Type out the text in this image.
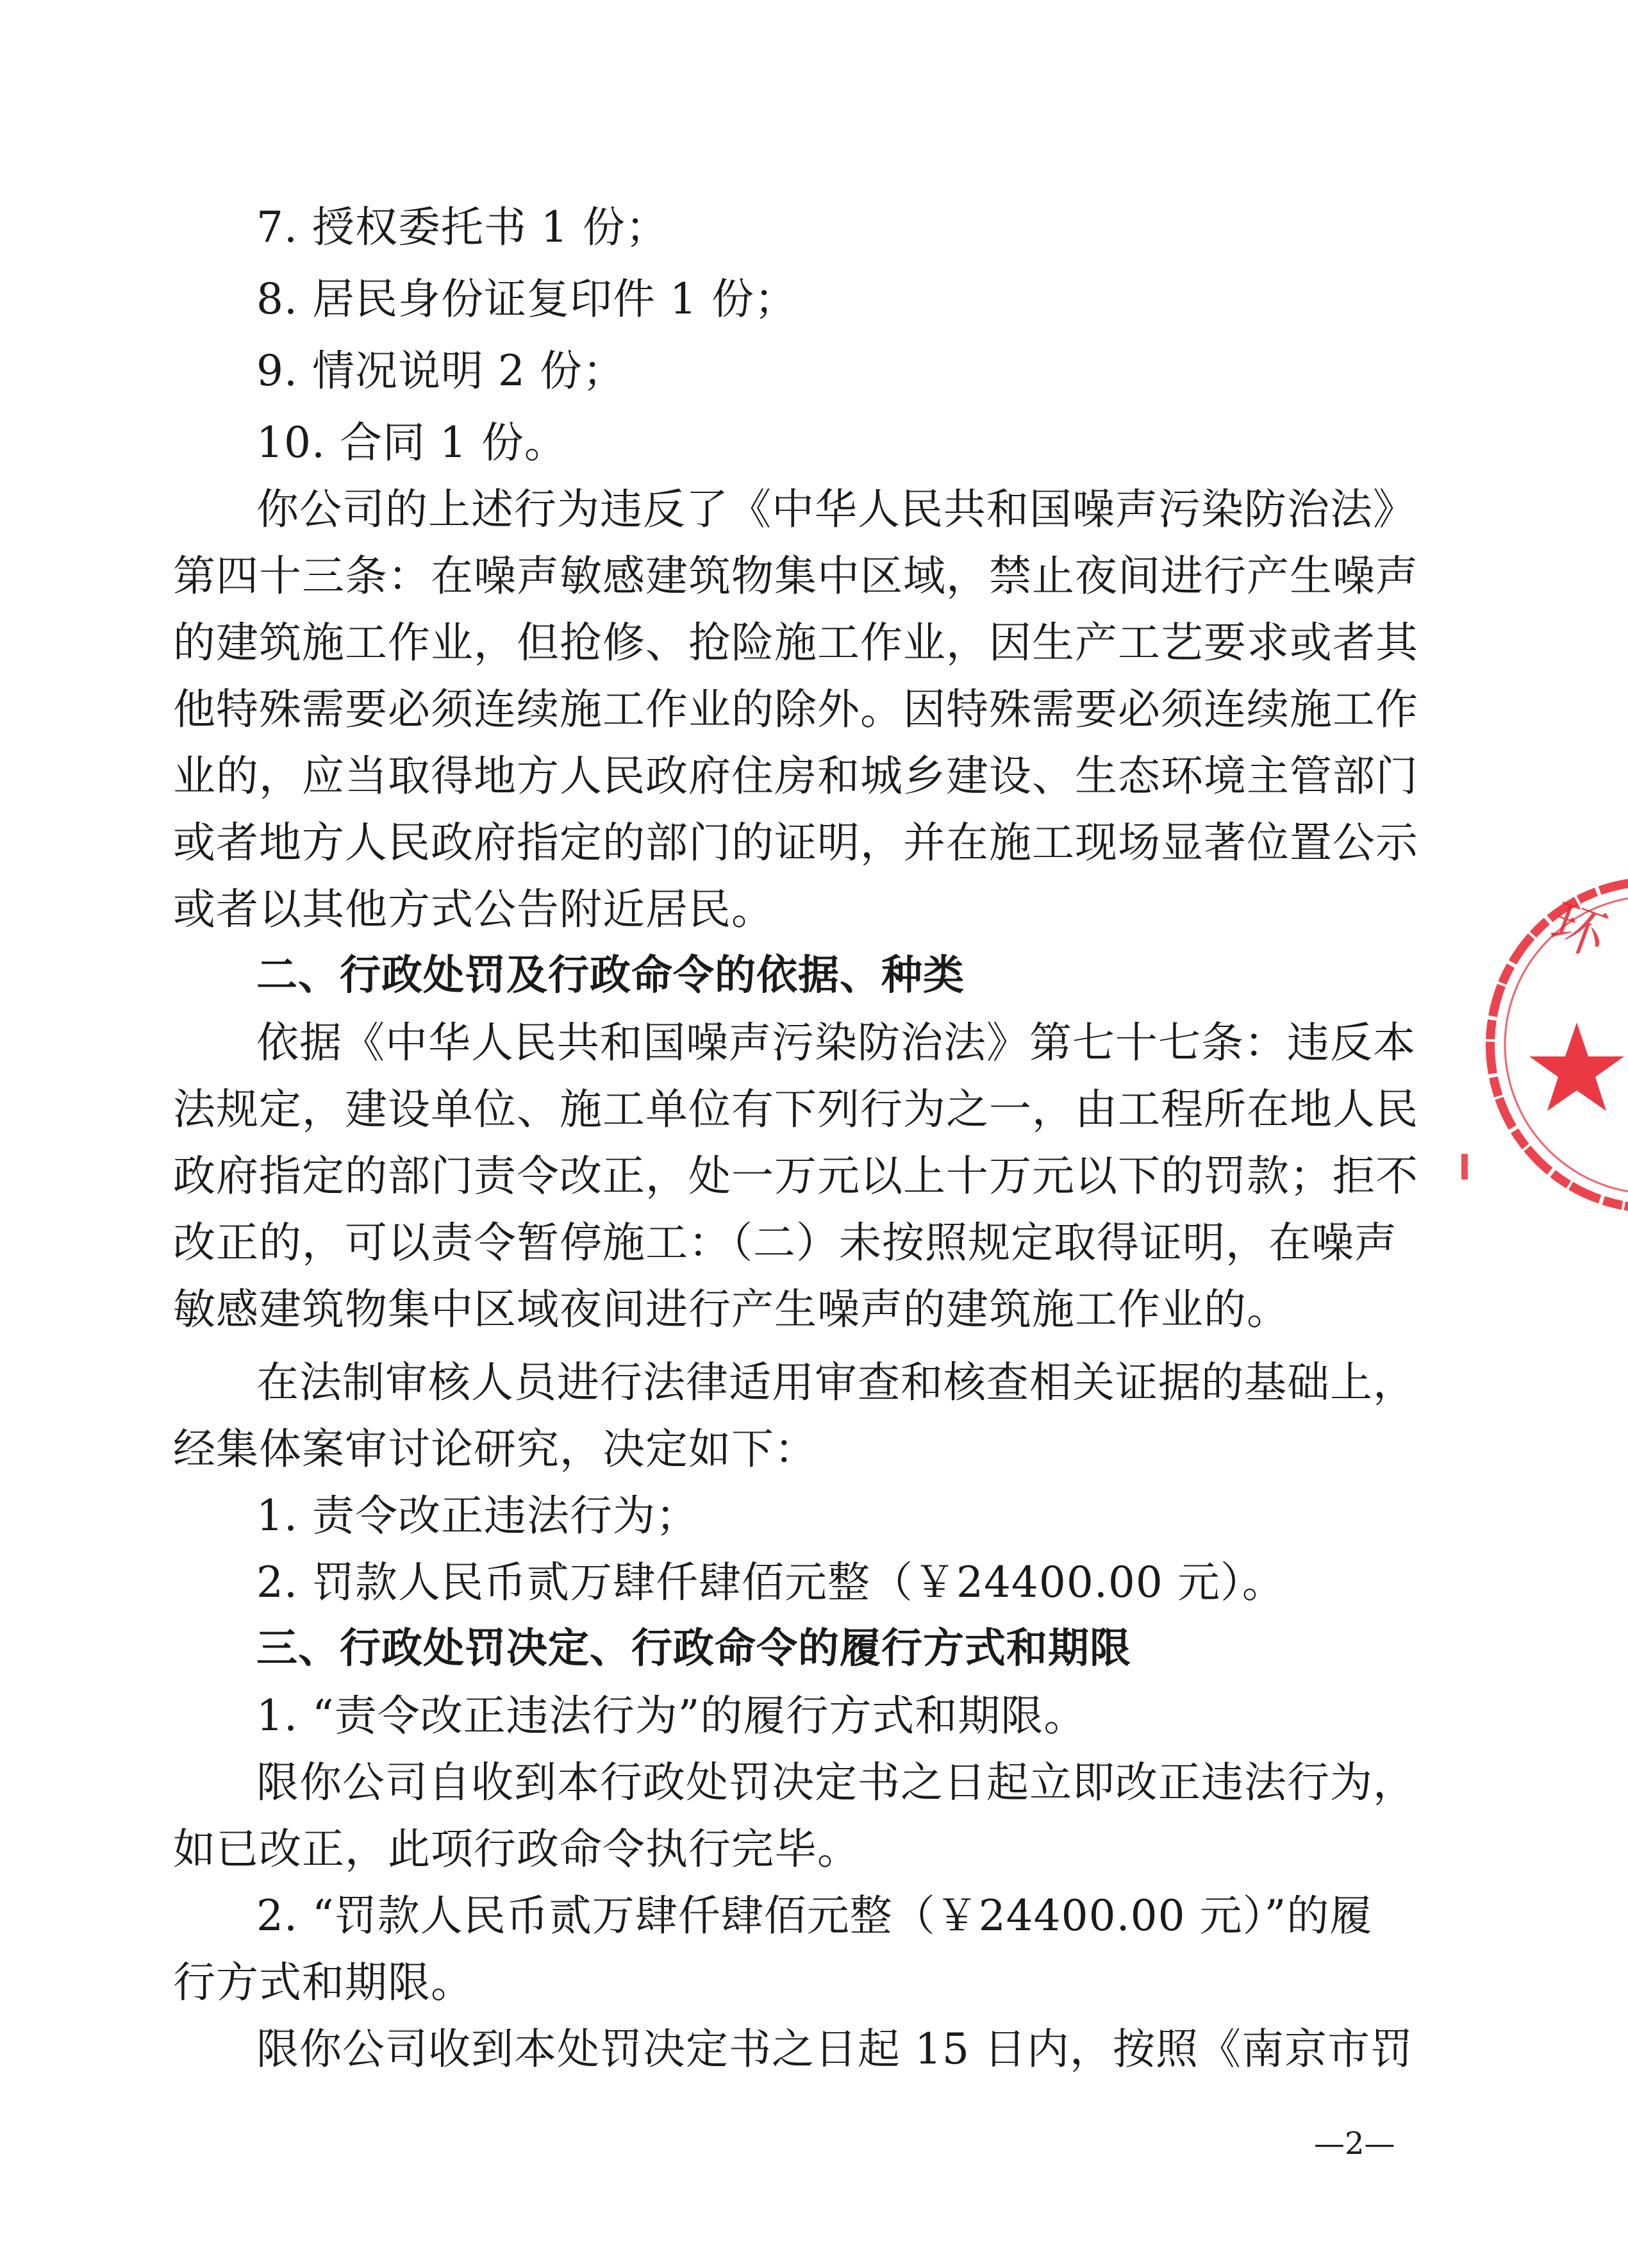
7. 授权委托书 1 份；
8. 居民身份证复印件 1 份；
9. 情况说明 2 份；
10. 合同 1 份。
你公司的上述行为违反了《中华人民共和国噪声污染防治法》
第四十三条：在噪声敏感建筑物集中区域，禁止夜间进行产生噪声
的建筑施工作业，但抢修、抢险施工作业，因生产工艺要求或者其
他特殊需要必须连续施工作业的除外。因特殊需要必须连续施工作
业的，应当取得地方人民政府住房和城乡建设、生态环境主管部门
或者地方人民政府指定的部门的证明，并在施工现场显著位置公示
或者以其他方式公告附近居民。
二、行政处罚及行政命令的依据、种类
依据《中华人民共和国噪声污染防治法》第七十七条：违反本
法规定，建设单位、施工单位有下列行为之一，由工程所在地人民
政府指定的部门责令改正，处一万元以上十万元以下的罚款；拒不
改正的，可以责令暂停施工：（二）未按照规定取得证明，在噪声
敏感建筑物集中区域夜间进行产生噪声的建筑施工作业的。
在法制审核人员进行法律适用审查和核查相关证据的基础上，
经集体案审讨论研究，决定如下：
1. 责令改正违法行为；
2. 罚款人民币贰万肆仟肆佰元整（￥24400.00 元）。
三、行政处罚决定、行政命令的履行方式和期限
1. “责令改正违法行为”的履行方式和期限。
限你公司自收到本行政处罚决定书之日起立即改正违法行为，
如已改正，此项行政命令执行完毕。
2. “罚款人民币贰万肆仟肆佰元整（￥24400.00 元）”的履
行方式和期限。
限你公司收到本处罚决定书之日起 15 日内，按照《南京市罚
—2—
环
